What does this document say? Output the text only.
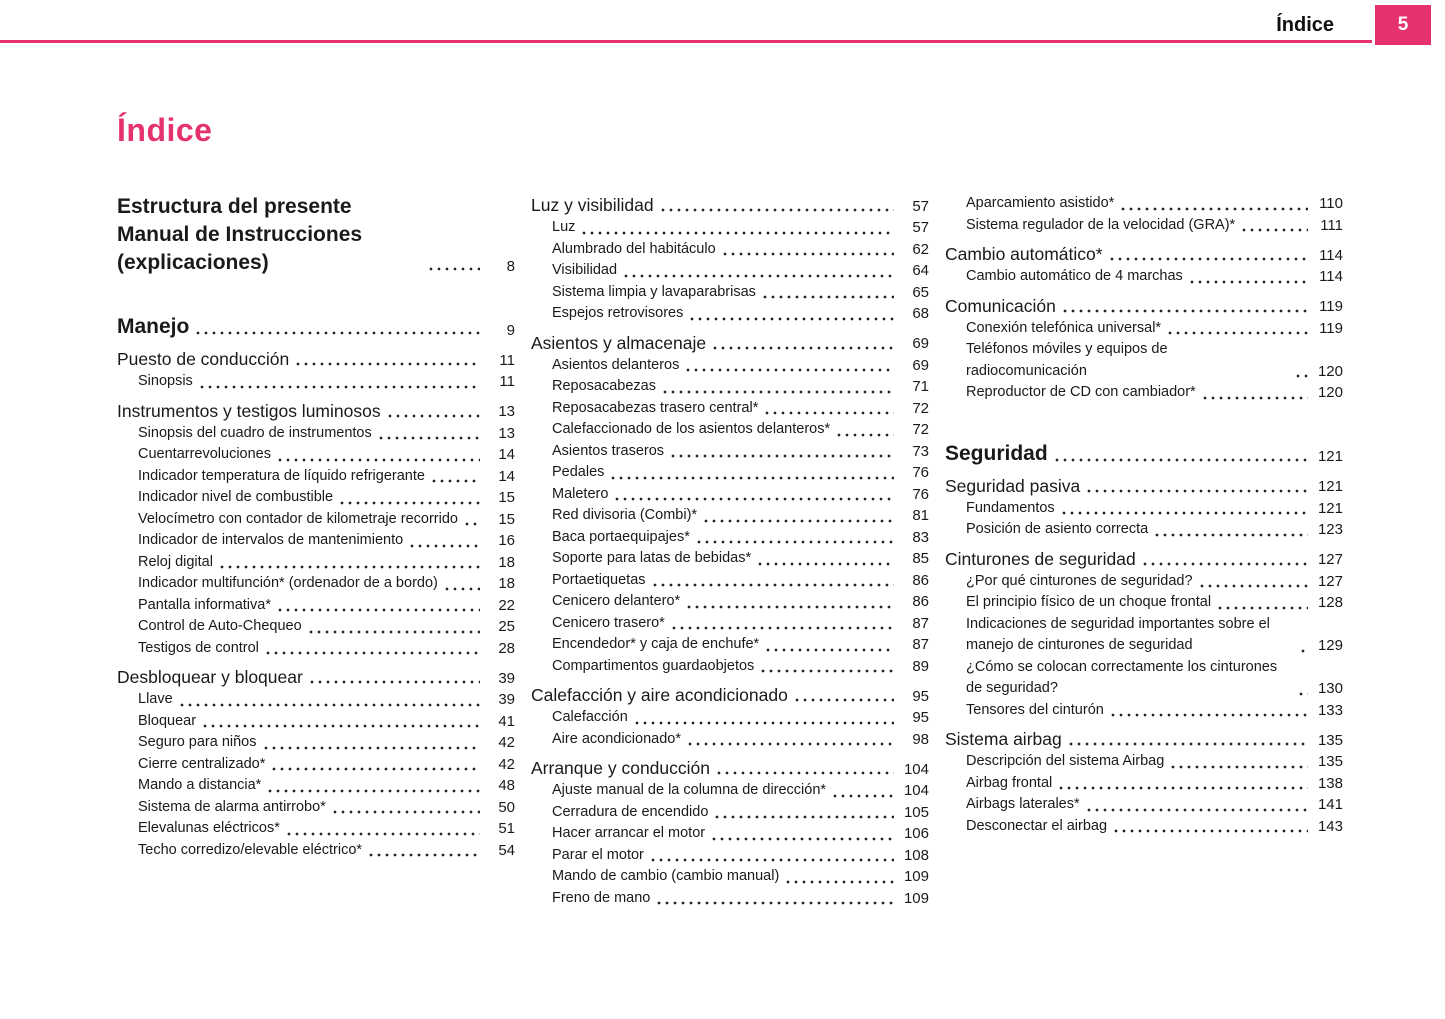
Índice	5
Índice
Estructura del presente Manual de Instrucciones (explicaciones)	8
Manejo	9
Puesto de conducción	11
Sinopsis	11
Instrumentos y testigos luminosos	13
Sinopsis del cuadro de instrumentos	13
Cuentarrevoluciones	14
Indicador temperatura de líquido refrigerante	14
Indicador nivel de combustible	15
Velocímetro con contador de kilometraje recorrido	15
Indicador de intervalos de mantenimiento	16
Reloj digital	18
Indicador multifunción* (ordenador de a bordo)	18
Pantalla informativa*	22
Control de Auto-Chequeo	25
Testigos de control	28
Desbloquear y bloquear	39
Llave	39
Bloquear	41
Seguro para niños	42
Cierre centralizado*	42
Mando a distancia*	48
Sistema de alarma antirrobo*	50
Elevalunas eléctricos*	51
Techo corredizo/elevable eléctrico*	54
Luz y visibilidad	57
Luz	57
Alumbrado del habitáculo	62
Visibilidad	64
Sistema limpia y lavaparabrisas	65
Espejos retrovisores	68
Asientos y almacenaje	69
Asientos delanteros	69
Reposacabezas	71
Reposacabezas trasero central*	72
Calefaccionado de los asientos delanteros*	72
Asientos traseros	73
Pedales	76
Maletero	76
Red divisoria (Combi)*	81
Baca portaequipajes*	83
Soporte para latas de bebidas*	85
Portaetiquetas	86
Cenicero delantero*	86
Cenicero trasero*	87
Encendedor* y caja de enchufe*	87
Compartimentos guardaobjetos	89
Calefacción y aire acondicionado	95
Calefacción	95
Aire acondicionado*	98
Arranque y conducción	104
Ajuste manual de la columna de dirección*	104
Cerradura de encendido	105
Hacer arrancar el motor	106
Parar el motor	108
Mando de cambio (cambio manual)	109
Freno de mano	109
Aparcamiento asistido*	110
Sistema regulador de la velocidad (GRA)*	111
Cambio automático*	114
Cambio automático de 4 marchas	114
Comunicación	119
Conexión telefónica universal*	119
Teléfonos móviles y equipos de radiocomunicación	120
Reproductor de CD con cambiador*	120
Seguridad	121
Seguridad pasiva	121
Fundamentos	121
Posición de asiento correcta	123
Cinturones de seguridad	127
¿Por qué cinturones de seguridad?	127
El principio físico de un choque frontal	128
Indicaciones de seguridad importantes sobre el manejo de cinturones de seguridad	129
¿Cómo se colocan correctamente los cinturones de seguridad?	130
Tensores del cinturón	133
Sistema airbag	135
Descripción del sistema Airbag	135
Airbag frontal	138
Airbags laterales*	141
Desconectar el airbag	143
